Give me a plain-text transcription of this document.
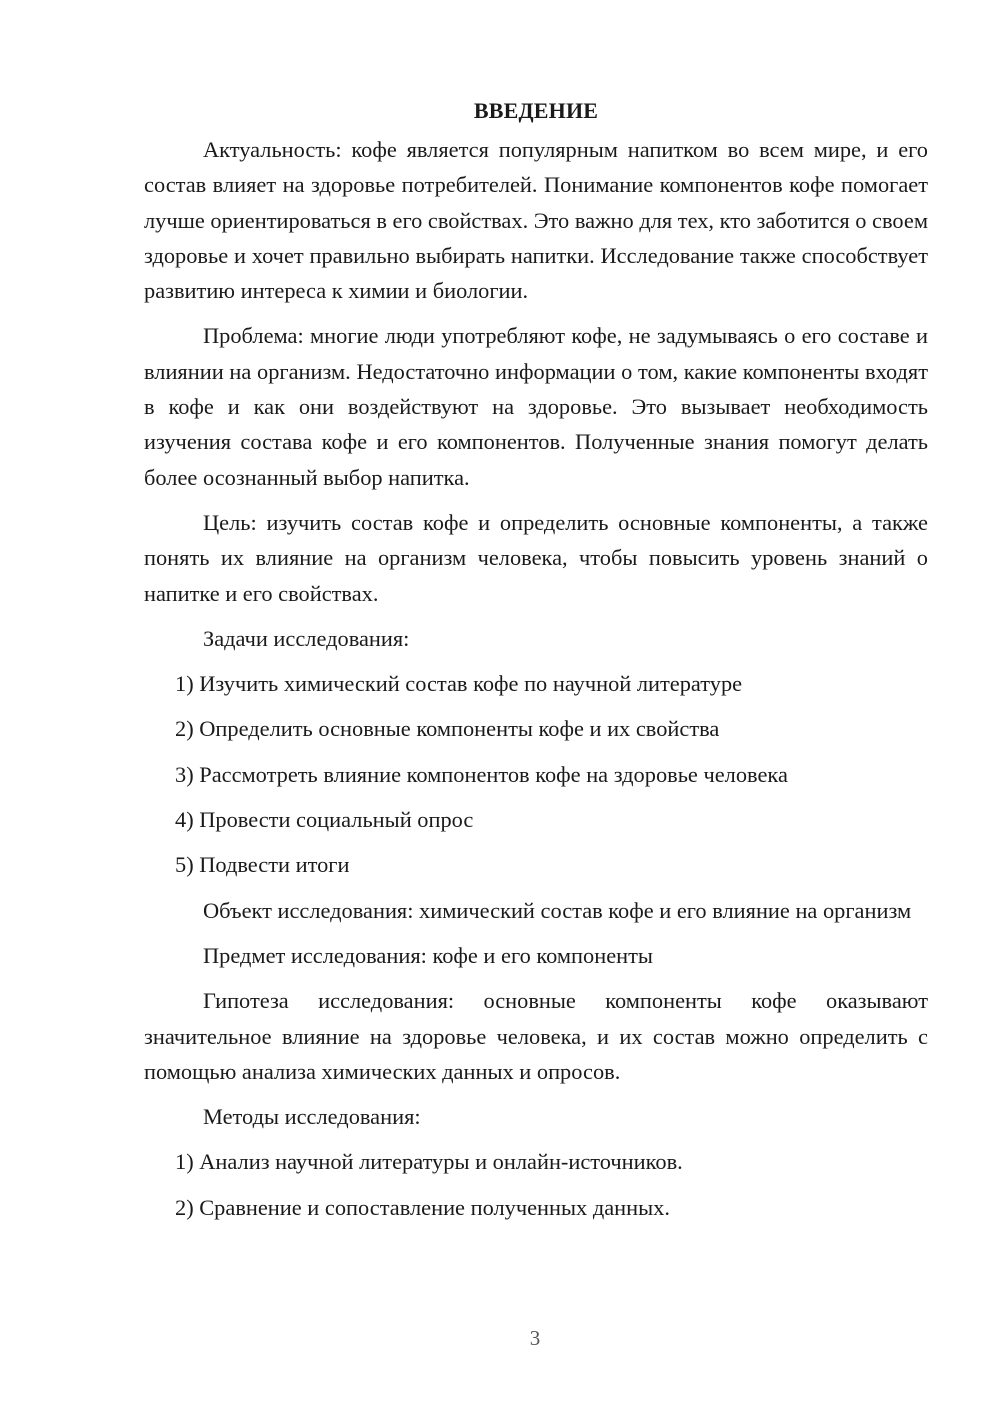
ВВЕДЕНИЕ

Актуальность: кофе является популярным напитком во всем мире, и его состав влияет на здоровье потребителей. Понимание компонентов кофе помогает лучше ориентироваться в его свойствах. Это важно для тех, кто заботится о своем здоровье и хочет правильно выбирать напитки. Исследование также способствует развитию интереса к химии и биологии.

Проблема: многие люди употребляют кофе, не задумываясь о его составе и влиянии на организм. Недостаточно информации о том, какие компоненты входят в кофе и как они воздействуют на здоровье. Это вызывает необходимость изучения состава кофе и его компонентов. Полученные знания помогут делать более осознанный выбор напитка.

Цель: изучить состав кофе и определить основные компоненты, а также понять их влияние на организм человека, чтобы повысить уровень знаний о напитке и его свойствах.

Задачи исследования:

1) Изучить химический состав кофе по научной литературе
2) Определить основные компоненты кофе и их свойства
3) Рассмотреть влияние компонентов кофе на здоровье человека
4) Провести социальный опрос
5) Подвести итоги

Объект исследования: химический состав кофе и его влияние на организм

Предмет исследования: кофе и его компоненты

Гипотеза исследования: основные компоненты кофе оказывают значительное влияние на здоровье человека, и их состав можно определить с помощью анализа химических данных и опросов.

Методы исследования:

1) Анализ научной литературы и онлайн-источников.
2) Сравнение и сопоставление полученных данных.
3
